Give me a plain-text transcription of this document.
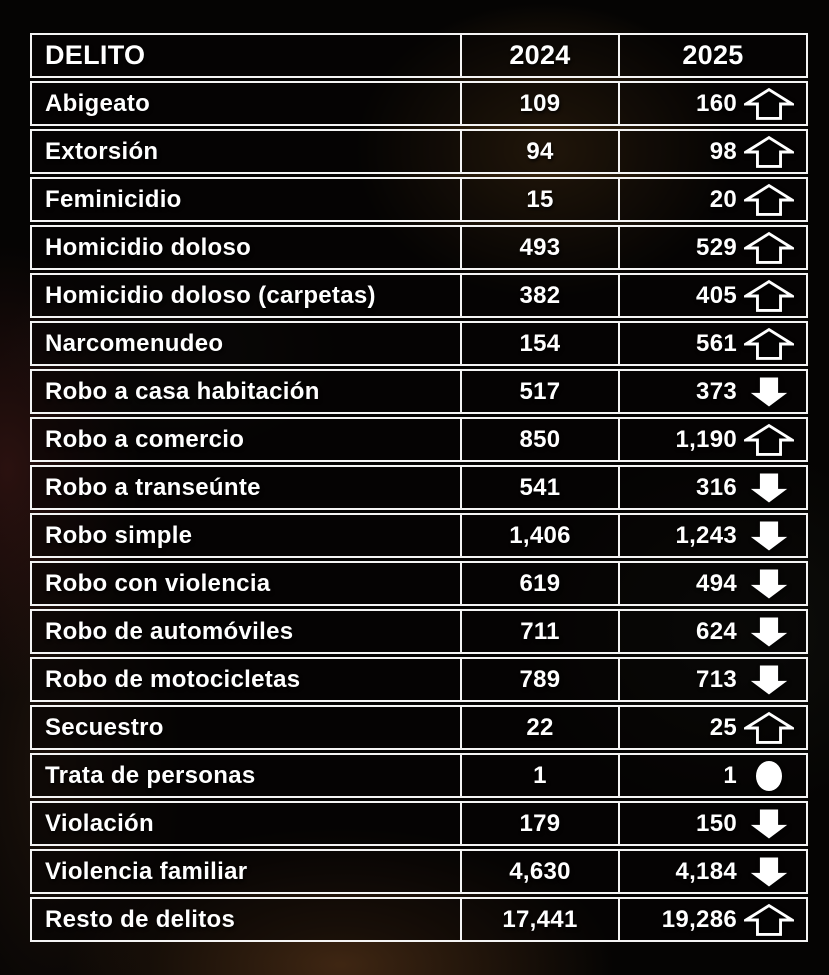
DELITO	2024	2025
Abigeato	109	160
Extorsión	94	98
Feminicidio	15	20
Homicidio doloso	493	529
Homicidio doloso (carpetas)	382	405
Narcomenudeo	154	561
Robo a casa habitación	517	373
Robo a comercio	850	1,190
Robo a transeúnte	541	316
Robo simple	1,406	1,243
Robo con violencia	619	494
Robo de automóviles	711	624
Robo de motocicletas	789	713
Secuestro	22	25
Trata de personas	1	1
Violación	179	150
Violencia familiar	4,630	4,184
Resto de delitos	17,441	19,286
